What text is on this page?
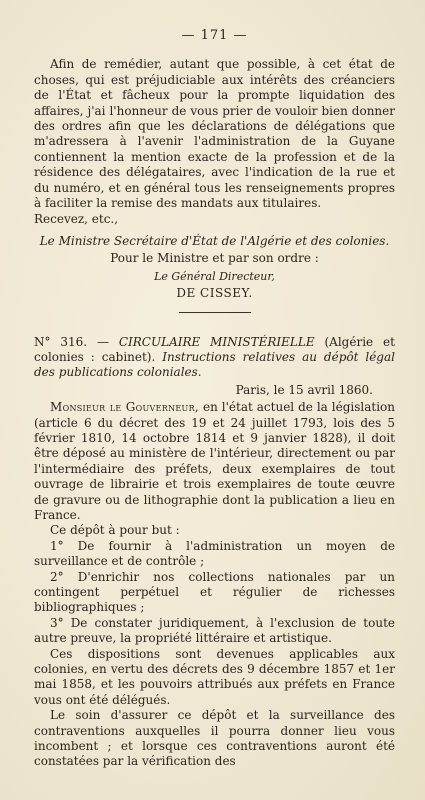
— 171 —

Afin de remédier, autant que possible, à cet état de choses, qui est préjudiciable aux intérêts des créanciers de l'État et fâcheux pour la prompte liquidation des affaires, j'ai l'honneur de vous prier de vouloir bien donner des ordres afin que les déclarations de délégations que m'adressera à l'avenir l'administration de la Guyane contiennent la mention exacte de la profession et de la résidence des délégataires, avec l'indication de la rue et du numéro, et en général tous les renseignements propres à faciliter la remise des mandats aux titulaires.

Recevez, etc.,

Le Ministre Secrétaire d'État de l'Algérie et des colonies.

Pour le Ministre et par son ordre :

Le Général Directeur,

DE CISSEY.

N° 316. — CIRCULAIRE MINISTÉRIELLE (Algérie et colonies : cabinet). Instructions relatives au dépôt légal des publications coloniales.

Paris, le 15 avril 1860.

Monsieur le Gouverneur, en l'état actuel de la législation (article 6 du décret des 19 et 24 juillet 1793, lois des 5 février 1810, 14 octobre 1814 et 9 janvier 1828), il doit être déposé au ministère de l'intérieur, directement ou par l'intermédiaire des préfets, deux exemplaires de tout ouvrage de librairie et trois exemplaires de toute œuvre de gravure ou de lithographie dont la publication a lieu en France.

Ce dépôt à pour but :

1° De fournir à l'administration un moyen de surveillance et de contrôle ;

2° D'enrichir nos collections nationales par un contingent perpétuel et régulier de richesses bibliographiques ;

3° De constater juridiquement, à l'exclusion de toute autre preuve, la propriété littéraire et artistique.

Ces dispositions sont devenues applicables aux colonies, en vertu des décrets des 9 décembre 1857 et 1er mai 1858, et les pouvoirs attribués aux préfets en France vous ont été délégués.

Le soin d'assurer ce dépôt et la surveillance des contraventions auxquelles il pourra donner lieu vous incombent ; et lorsque ces contraventions auront été constatées par la vérification des
